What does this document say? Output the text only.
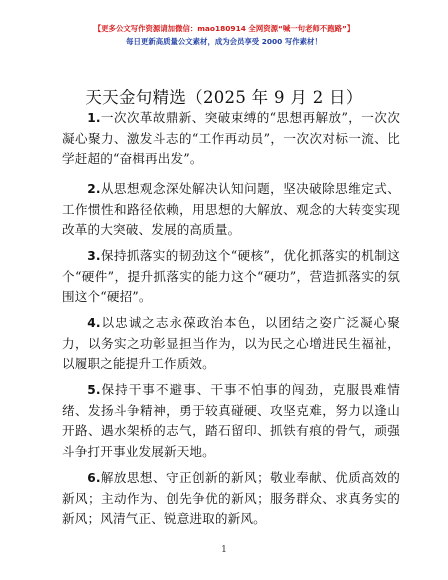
【更多公文写作资源请加微信：mao180914 全网资源“喊一句老师不跑路”】
每日更新高质量公文素材，成为会员享受 2000 写作素材！
天天金句精选（2025 年 9 月 2 日）
1.一次次革故鼎新、突破束缚的“思想再解放”，一次次凝心聚力、激发斗志的“工作再动员”，一次次对标一流、比学赶超的“奋楫再出发”。
2.从思想观念深处解决认知问题，坚决破除思维定式、工作惯性和路径依赖，用思想的大解放、观念的大转变实现改革的大突破、发展的高质量。
3.保持抓落实的韧劲这个“硬核”，优化抓落实的机制这个“硬件”，提升抓落实的能力这个“硬功”，营造抓落实的氛围这个“硬招”。
4.以忠诚之志永葆政治本色，以团结之姿广泛凝心聚力，以务实之功彰显担当作为，以为民之心增进民生福祉，以履职之能提升工作质效。
5.保持干事不避事、干事不怕事的闯劲，克服畏难情绪、发扬斗争精神，勇于较真碰硬、攻坚克难，努力以逢山开路、遇水架桥的志气，踏石留印、抓铁有痕的骨气，顽强斗争打开事业发展新天地。
6.解放思想、守正创新的新风；敬业奉献、优质高效的新风；主动作为、创先争优的新风；服务群众、求真务实的新风；风清气正、锐意进取的新风。
1
